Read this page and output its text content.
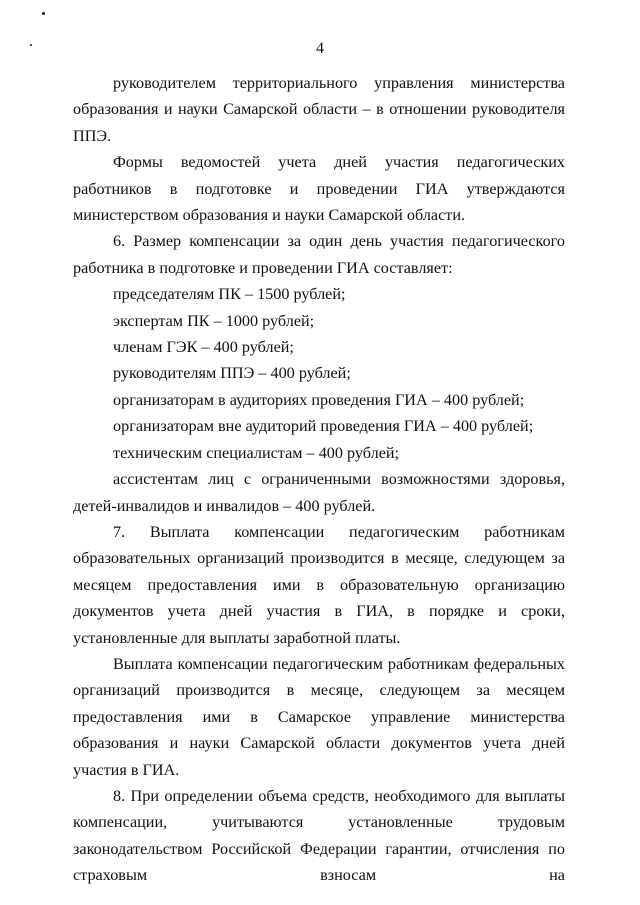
4

руководителем территориального управления министерства

образования и науки Самарской области – в отношении руководителя ППЭ.

Формы ведомостей учета дней участия педагогических работников в подготовке и проведении ГИА утверждаются министерством образования и науки Самарской области.

6. Размер компенсации за один день участия педагогического работника в подготовке и проведении ГИА составляет:

председателям ПК – 1500 рублей;

экспертам ПК – 1000 рублей;

членам ГЭК – 400 рублей;

руководителям ППЭ – 400 рублей;

организаторам в аудиториях проведения ГИА – 400 рублей;

организаторам вне аудиторий проведения ГИА – 400 рублей;

техническим специалистам – 400 рублей;

ассистентам лиц с ограниченными возможностями здоровья, детей-инвалидов и инвалидов – 400 рублей.

7. Выплата компенсации педагогическим работникам образовательных организаций производится в месяце, следующем за месяцем предоставления ими в образовательную организацию документов учета дней участия в ГИА, в порядке и сроки, установленные для выплаты заработной платы.

Выплата компенсации педагогическим работникам федеральных организаций производится в месяце, следующем за месяцем предоставления ими в Самарское управление министерства образования и науки Самарской области документов учета дней участия в ГИА.

8. При определении объема средств, необходимого для выплаты компенсации, учитываются установленные трудовым законодательством Российской Федерации гарантии, отчисления по страховым взносам на
